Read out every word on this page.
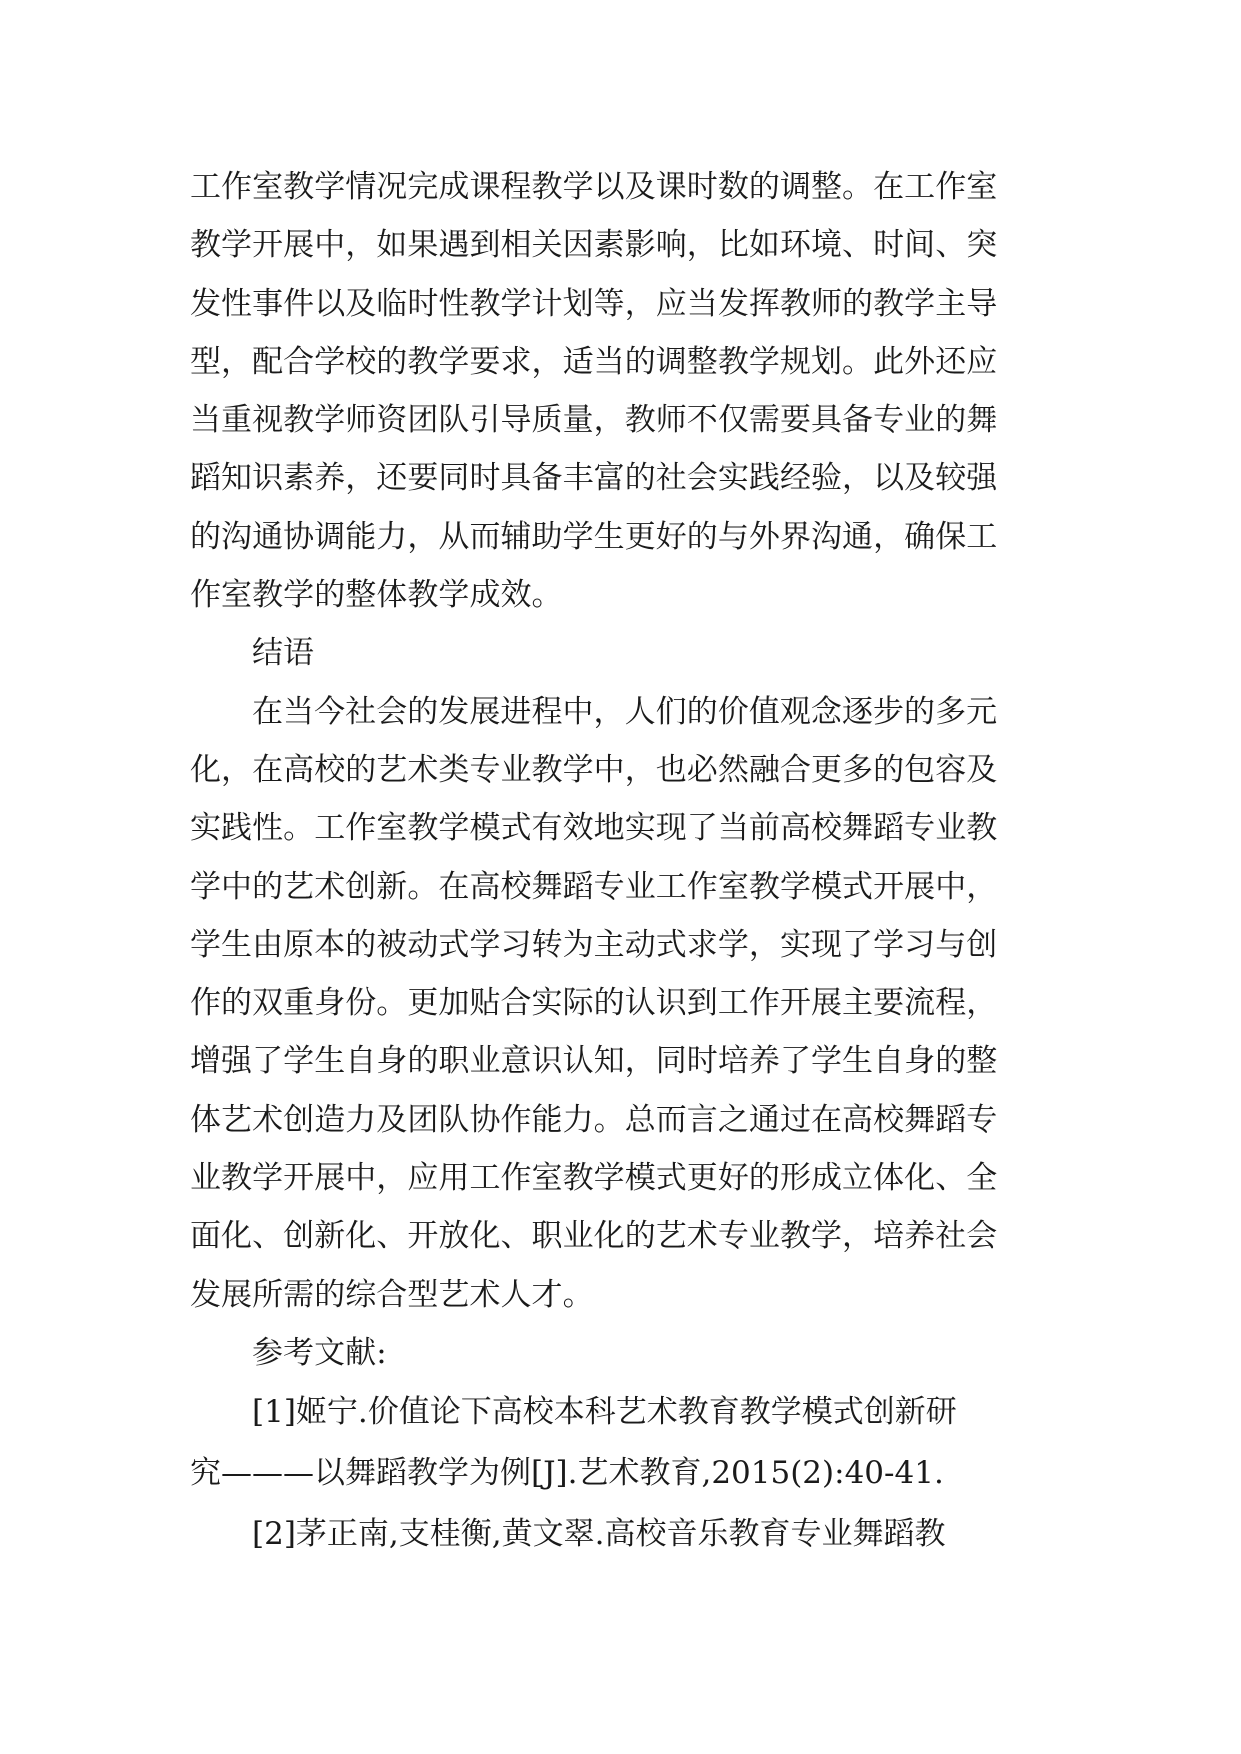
工作室教学情况完成课程教学以及课时数的调整。在工作室
教学开展中，如果遇到相关因素影响，比如环境、时间、突
发性事件以及临时性教学计划等，应当发挥教师的教学主导
型，配合学校的教学要求，适当的调整教学规划。此外还应
当重视教学师资团队引导质量，教师不仅需要具备专业的舞
蹈知识素养，还要同时具备丰富的社会实践经验，以及较强
的沟通协调能力，从而辅助学生更好的与外界沟通，确保工
作室教学的整体教学成效。
结语
在当今社会的发展进程中，人们的价值观念逐步的多元
化，在高校的艺术类专业教学中，也必然融合更多的包容及
实践性。工作室教学模式有效地实现了当前高校舞蹈专业教
学中的艺术创新。在高校舞蹈专业工作室教学模式开展中，
学生由原本的被动式学习转为主动式求学，实现了学习与创
作的双重身份。更加贴合实际的认识到工作开展主要流程，
增强了学生自身的职业意识认知，同时培养了学生自身的整
体艺术创造力及团队协作能力。总而言之通过在高校舞蹈专
业教学开展中，应用工作室教学模式更好的形成立体化、全
面化、创新化、开放化、职业化的艺术专业教学，培养社会
发展所需的综合型艺术人才。
参考文献:
[1]姬宁.价值论下高校本科艺术教育教学模式创新研
究———以舞蹈教学为例[J].艺术教育,2015(2):40-41.
[2]茅正南,支桂衡,黄文翠.高校音乐教育专业舞蹈教
